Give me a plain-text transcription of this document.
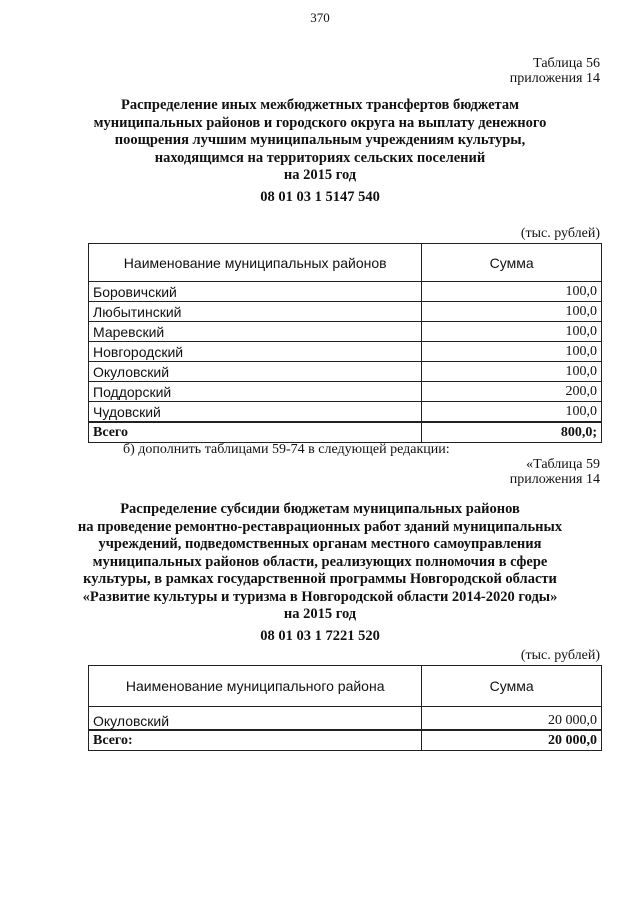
370
Таблица 56
приложения 14
Распределение иных межбюджетных трансфертов бюджетам
муниципальных районов и городского округа на выплату денежного
поощрения лучшим муниципальным учреждениям культуры,
находящимся на территориях сельских поселений
на 2015 год
08 01 03 1 5147 540
(тыс. рублей)
Наименование муниципальных районов	Сумма
Боровичский	100,0
Любытинский	100,0
Маревский	100,0
Новгородский	100,0
Окуловский	100,0
Поддорский	200,0
Чудовский	100,0
Всего	800,0;
б) дополнить таблицами 59-74 в следующей редакции:
«Таблица 59
приложения 14
Распределение субсидии бюджетам муниципальных районов
на проведение ремонтно-реставрационных работ зданий муниципальных
учреждений, подведомственных органам местного самоуправления
муниципальных районов области, реализующих полномочия в сфере
культуры, в рамках государственной программы Новгородской области
«Развитие культуры и туризма в Новгородской области 2014-2020 годы»
на 2015 год
08 01 03 1 7221 520
(тыс. рублей)
Наименование муниципального района	Сумма
Окуловский	20 000,0
Всего:	20 000,0
